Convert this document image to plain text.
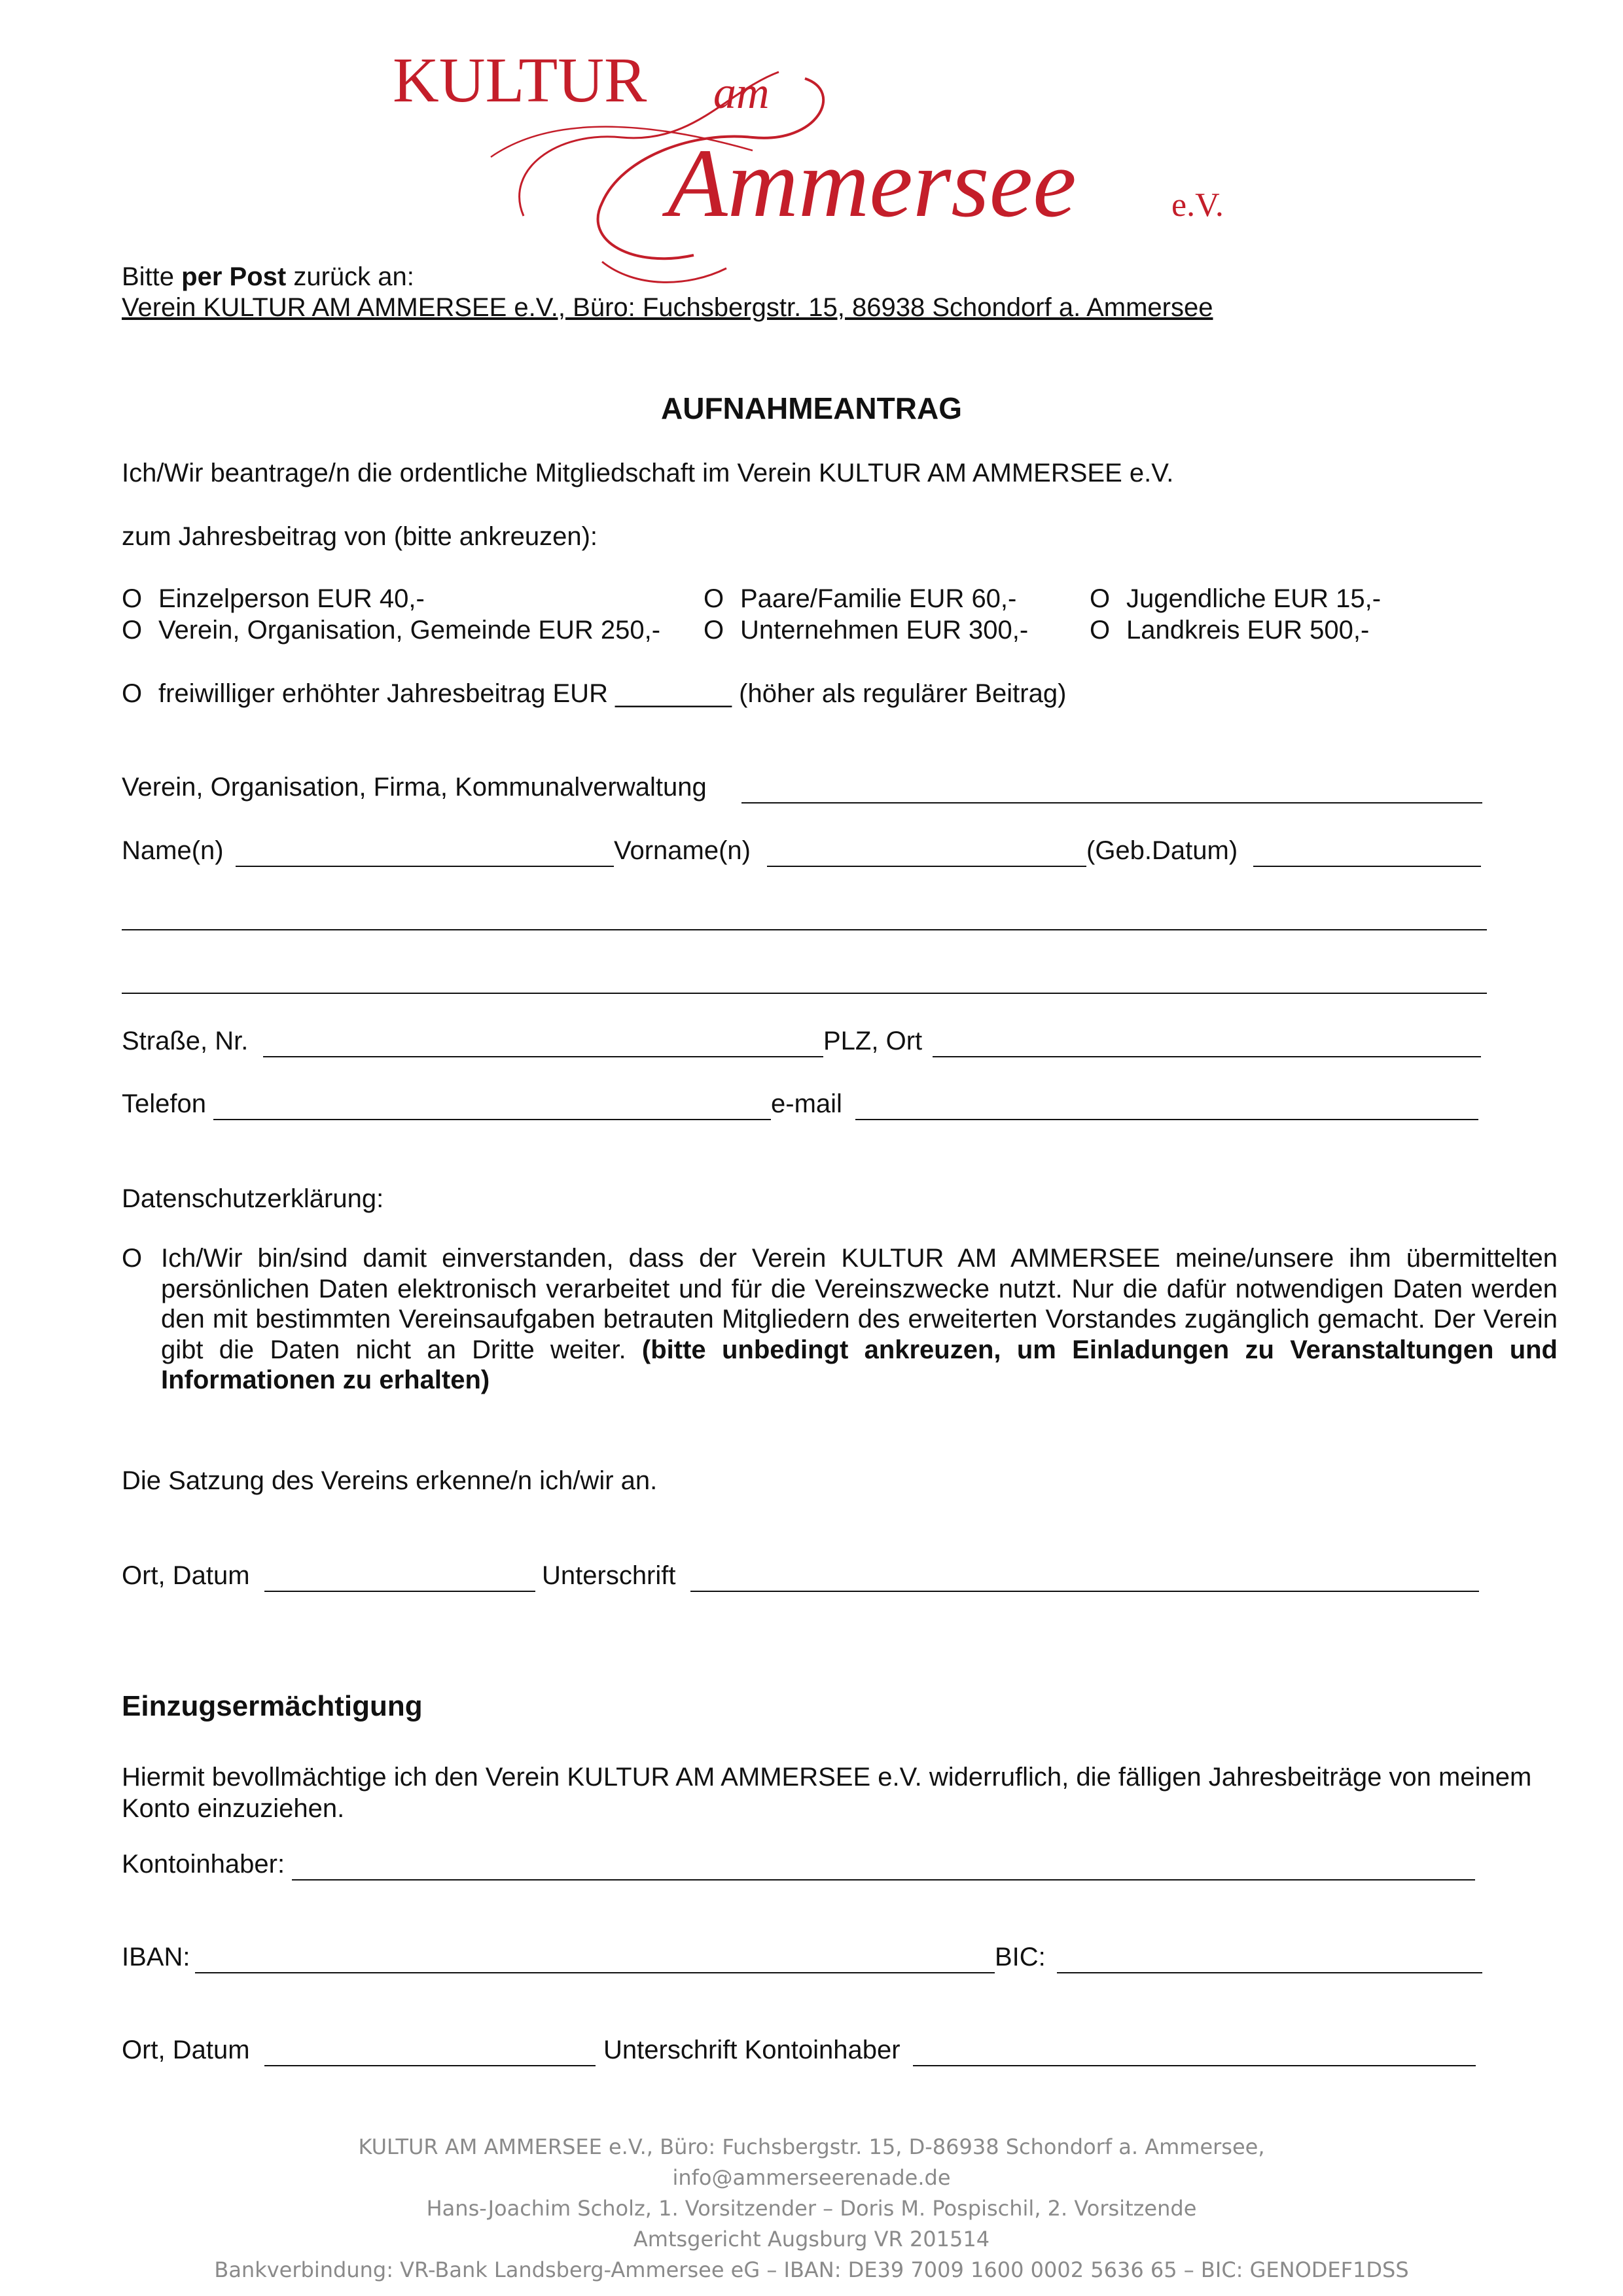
KULTUR am
Ammersee	e.V.
Bitte per Post zurück an:
Verein KULTUR AM AMMERSEE e.V., Büro: Fuchsbergstr. 15, 86938 Schondorf a. Ammersee
AUFNAHMEANTRAG
Ich/Wir beantrage/n die ordentliche Mitgliedschaft im Verein KULTUR AM AMMERSEE e.V.
zum Jahresbeitrag von (bitte ankreuzen):
O Einzelperson EUR 40,-	O Paare/Familie EUR 60,-	O Jugendliche EUR 15,-
O Verein, Organisation, Gemeinde EUR 250,- O Unternehmen EUR 300,- O Landkreis EUR 500,-
O freiwilliger erhöhter Jahresbeitrag EUR ________ (höher als regulärer Beitrag)
Verein, Organisation, Firma, Kommunalverwaltung
Name(n)	Vorname(n)	(Geb.Datum)
Straße, Nr.	PLZ, Ort
Telefon	e-mail
Datenschutzerklärung:
O Ich/Wir bin/sind damit einverstanden, dass der Verein KULTUR AM AMMERSEE meine/unsere ihm übermittelten persönlichen Daten elektronisch verarbeitet und für die Vereinszwecke nutzt. Nur die dafür notwendigen Daten werden den mit bestimmten Vereinsaufgaben betrauten Mitgliedern des erweiterten Vorstandes zugänglich gemacht. Der Verein gibt die Daten nicht an Dritte weiter. (bitte unbedingt ankreuzen, um Einladungen zu Veranstaltungen und Informationen zu erhalten)
Die Satzung des Vereins erkenne/n ich/wir an.
Ort, Datum	Unterschrift
Einzugsermächtigung
Hiermit bevollmächtige ich den Verein KULTUR AM AMMERSEE e.V. widerruflich, die fälligen Jahresbeiträge von meinem Konto einzuziehen.
Kontoinhaber:
IBAN:	BIC:
Ort, Datum	Unterschrift Kontoinhaber
KULTUR AM AMMERSEE e.V., Büro: Fuchsbergstr. 15, D-86938 Schondorf a. Ammersee,
info@ammerseerenade.de
Hans-Joachim Scholz, 1. Vorsitzender – Doris M. Pospischil, 2. Vorsitzende
Amtsgericht Augsburg VR 201514
Bankverbindung: VR-Bank Landsberg-Ammersee eG – IBAN: DE39 7009 1600 0002 5636 65 – BIC: GENODEF1DSS
